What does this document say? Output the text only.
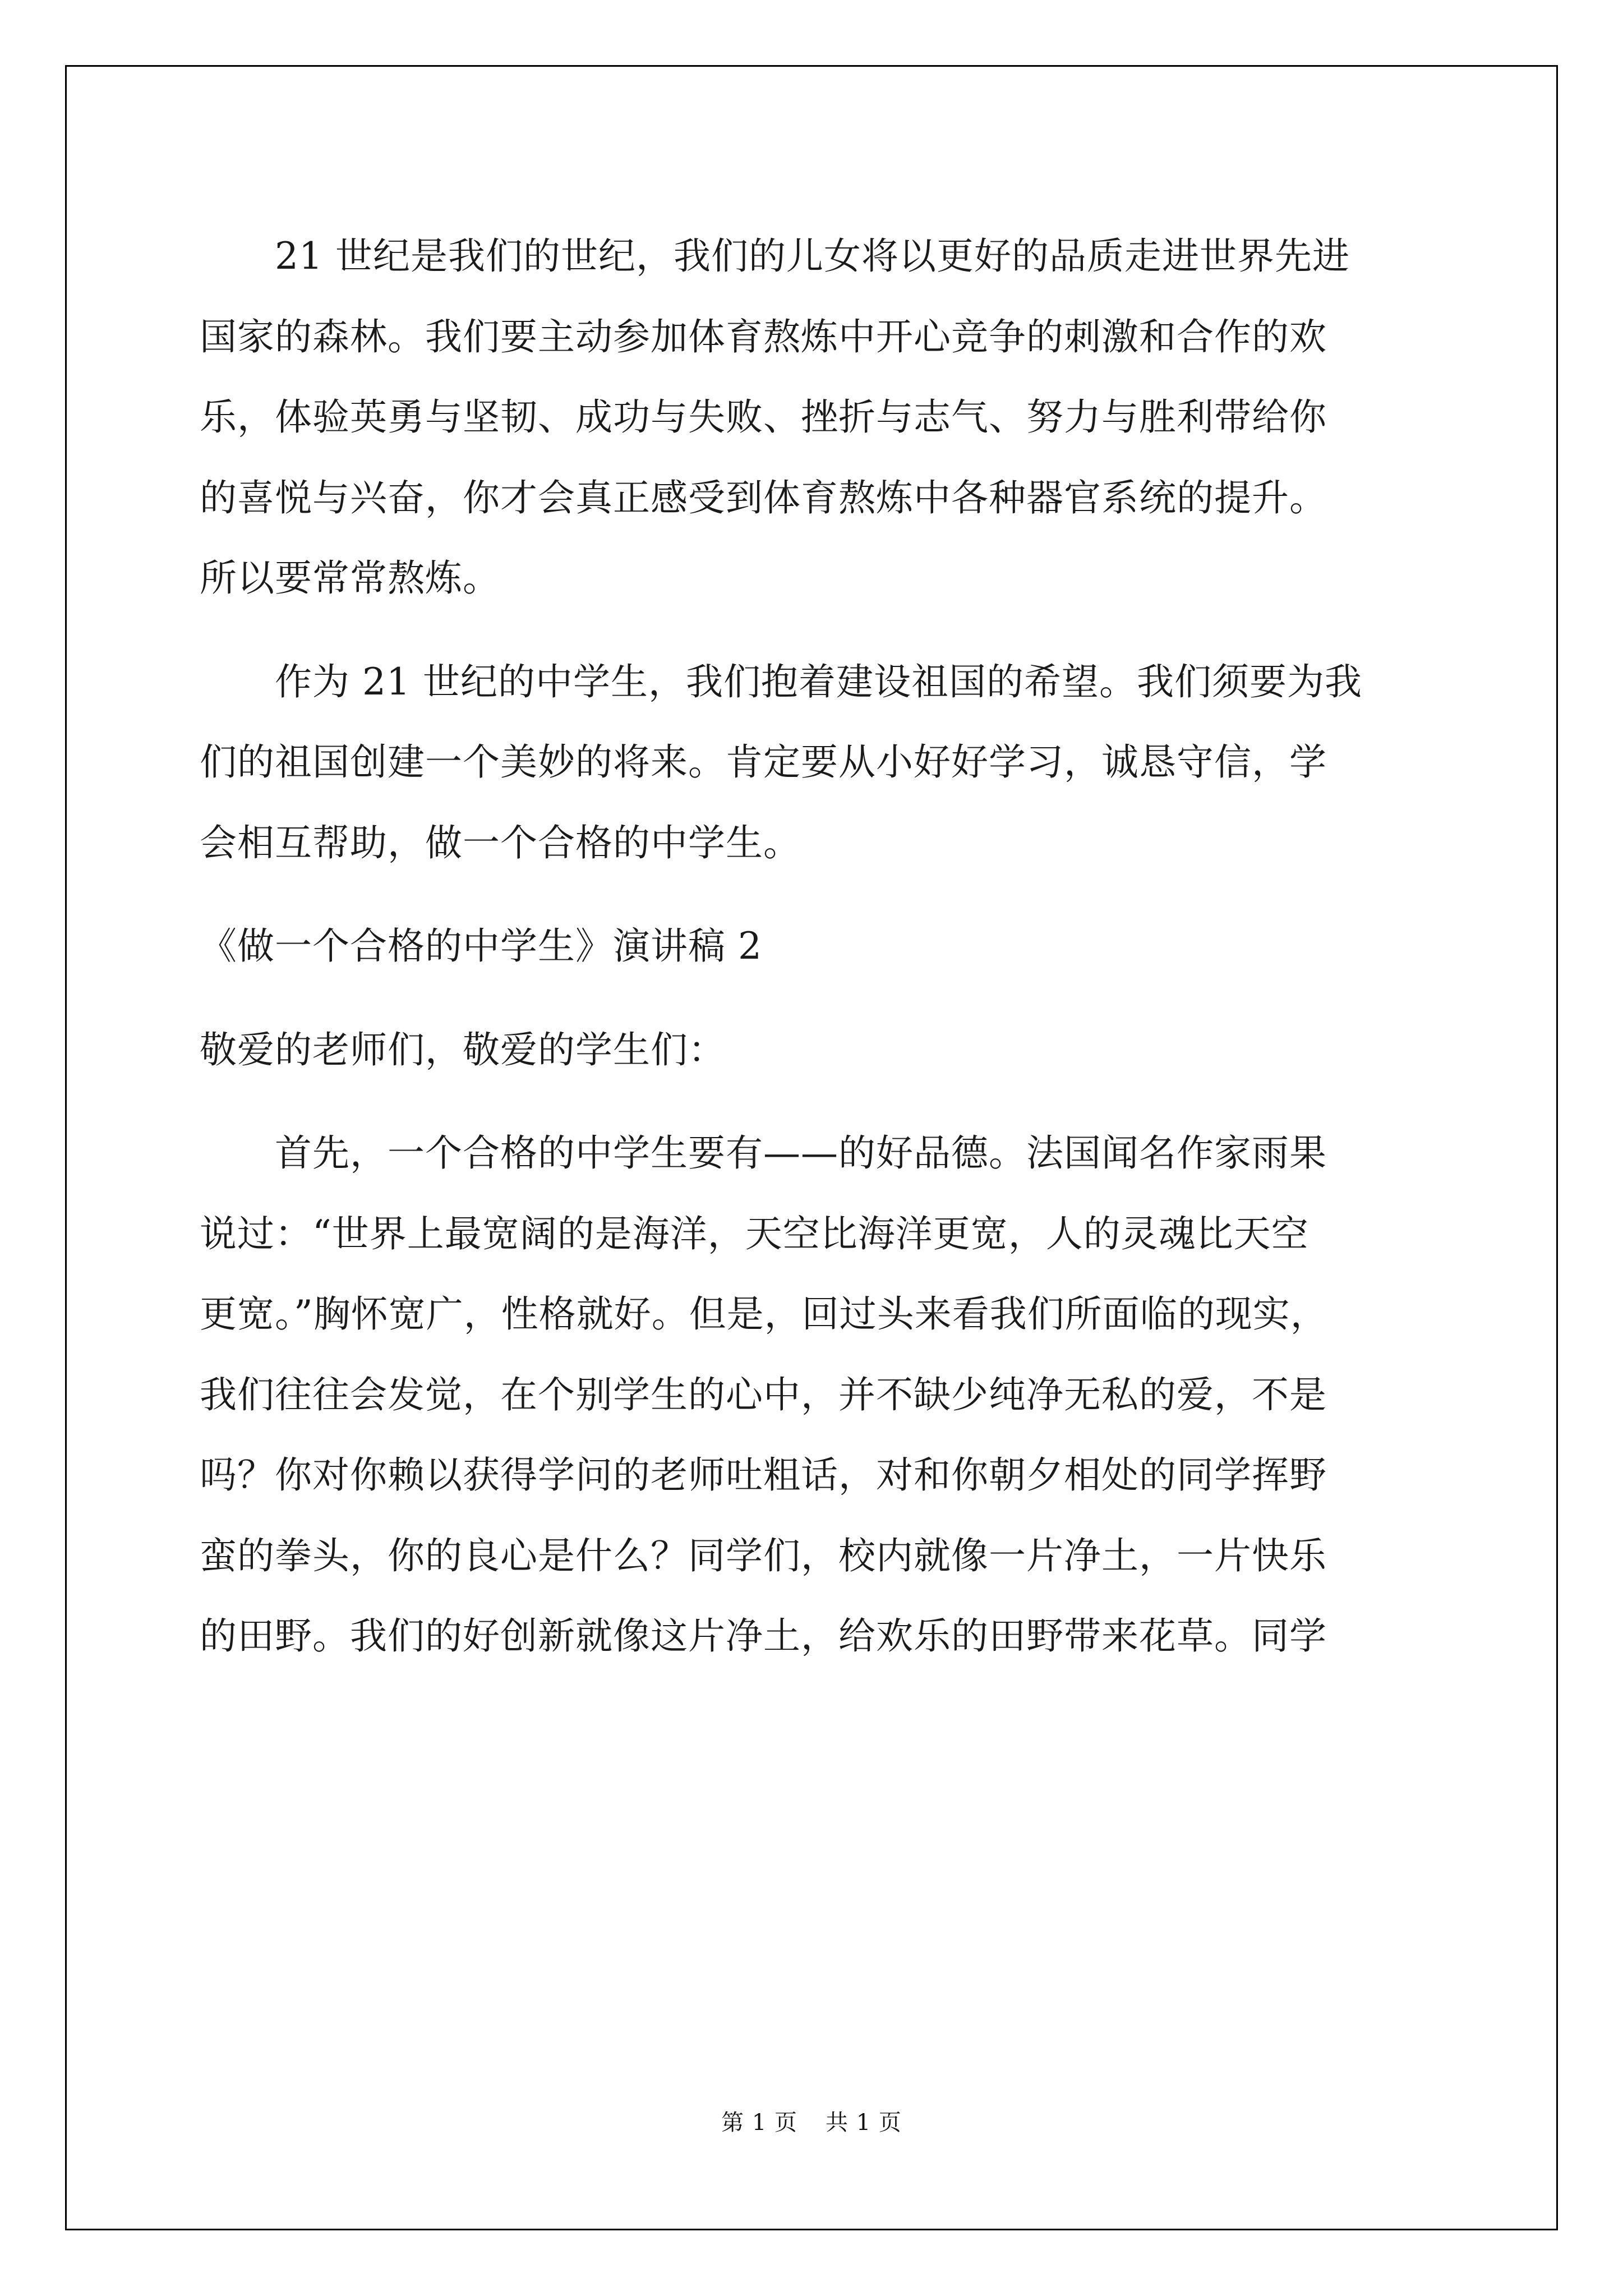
　　21 世纪是我们的世纪，我们的儿女将以更好的品质走进世界先进
国家的森林。我们要主动参加体育熬炼中开心竞争的刺激和合作的欢
乐，体验英勇与坚韧、成功与失败、挫折与志气、努力与胜利带给你
的喜悦与兴奋，你才会真正感受到体育熬炼中各种器官系统的提升。
所以要常常熬炼。
　　作为 21 世纪的中学生，我们抱着建设祖国的希望。我们须要为我
们的祖国创建一个美妙的将来。肯定要从小好好学习，诚恳守信，学
会相互帮助，做一个合格的中学生。
《做一个合格的中学生》演讲稿 2
敬爱的老师们，敬爱的学生们：
　　首先，一个合格的中学生要有——的好品德。法国闻名作家雨果
说过：“世界上最宽阔的是海洋，天空比海洋更宽，人的灵魂比天空
更宽。”胸怀宽广，性格就好。但是，回过头来看我们所面临的现实，
我们往往会发觉，在个别学生的心中，并不缺少纯净无私的爱，不是
吗？你对你赖以获得学问的老师吐粗话，对和你朝夕相处的同学挥野
蛮的拳头，你的良心是什么？同学们，校内就像一片净土，一片快乐
的田野。我们的好创新就像这片净土，给欢乐的田野带来花草。同学
第 1 页 共 1 页
